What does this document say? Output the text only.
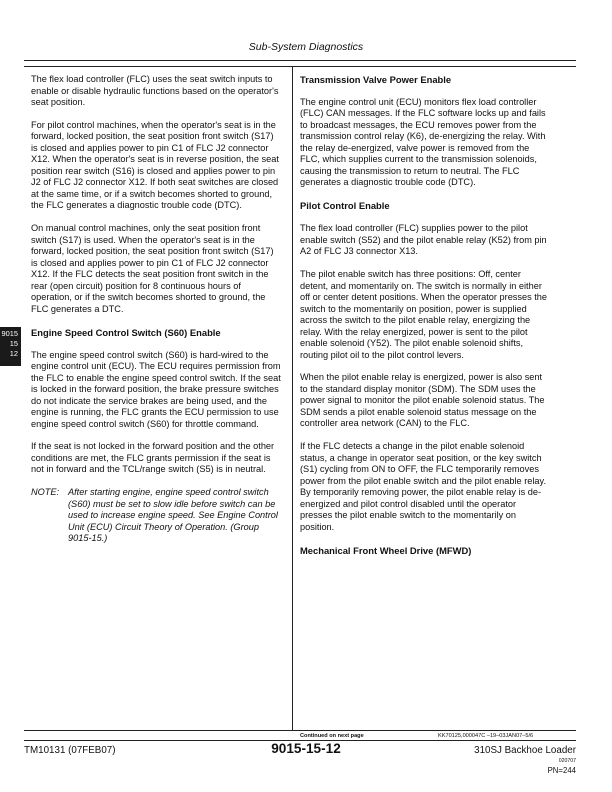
Sub-System Diagnostics
9015
15
12

The flex load controller (FLC) uses the seat switch inputs to enable or disable hydraulic functions based on the operator's seat position.

For pilot control machines, when the operator's seat is in the forward, locked position, the seat position front switch (S17) is closed and applies power to pin C1 of FLC J2 connector X12. When the operator's seat is in reverse position, the seat position rear switch (S16) is closed and applies power to pin J2 of FLC J2 connector X12. If both seat switches are closed at the same time, or if a switch becomes shorted to ground, the FLC generates a diagnostic trouble code (DTC).

On manual control machines, only the seat position front switch (S17) is used. When the operator's seat is in the forward, locked position, the seat position front switch (S17) is closed and applies power to pin C1 of FLC J2 connector X12. If the FLC detects the seat position front switch in the rear (open circuit) position for 8 continuous hours of operation, or if the switch becomes shorted to ground, the FLC generates a DTC.

Engine Speed Control Switch (S60) Enable

The engine speed control switch (S60) is hard-wired to the engine control unit (ECU). The ECU requires permission from the FLC to enable the engine speed control switch. If the seat is locked in the forward position, the brake pressure switches do not indicate the service brakes are being used, and the engine is running, the FLC grants the ECU permission to use engine speed control switch (S60) for throttle command.

If the seat is not locked in the forward position and the other conditions are met, the FLC grants permission if the seat is not in forward and the TCL/range switch (S5) is in neutral.

NOTE: After starting engine, engine speed control switch (S60) must be set to slow idle before switch can be used to increase engine speed. See Engine Control Unit (ECU) Circuit Theory of Operation. (Group 9015-15.)
Transmission Valve Power Enable

The engine control unit (ECU) monitors flex load controller (FLC) CAN messages. If the FLC software locks up and fails to broadcast messages, the ECU removes power from the transmission control relay (K6), de-energizing the relay. With the relay de-energized, valve power is removed from the FLC, which supplies current to the transmission solenoids, causing the transmission to return to neutral. The FLC generates a diagnostic trouble code (DTC).

Pilot Control Enable

The flex load controller (FLC) supplies power to the pilot enable switch (S52) and the pilot enable relay (K52) from pin A2 of FLC J3 connector X13.

The pilot enable switch has three positions: Off, center detent, and momentarily on. The switch is normally in either off or center detent positions. When the operator presses the switch to the momentarily on position, power is supplied across the switch to the pilot enable relay, energizing the relay. With the relay energized, power is sent to the pilot enable solenoid (Y52). The pilot enable solenoid shifts, routing pilot oil to the pilot control levers.

When the pilot enable relay is energized, power is also sent to the standard display monitor (SDM). The SDM uses the power signal to monitor the pilot enable solenoid status. The SDM sends a pilot enable solenoid status message on the controller area network (CAN) to the FLC.

If the FLC detects a change in the pilot enable solenoid status, a change in operator seat position, or the key switch (S1) cycling from ON to OFF, the FLC temporarily removes power from the pilot enable switch and the pilot enable relay. By temporarily removing power, the pilot enable relay is de-energized and pilot control disabled until the operator presses the pilot enable switch to the momentarily on position.

Mechanical Front Wheel Drive (MFWD)
Continued on next page	KK70125,000047C –19–03JAN07–5/6
TM10131 (07FEB07)	9015-15-12	310SJ Backhoe Loader
020707
PN=244
